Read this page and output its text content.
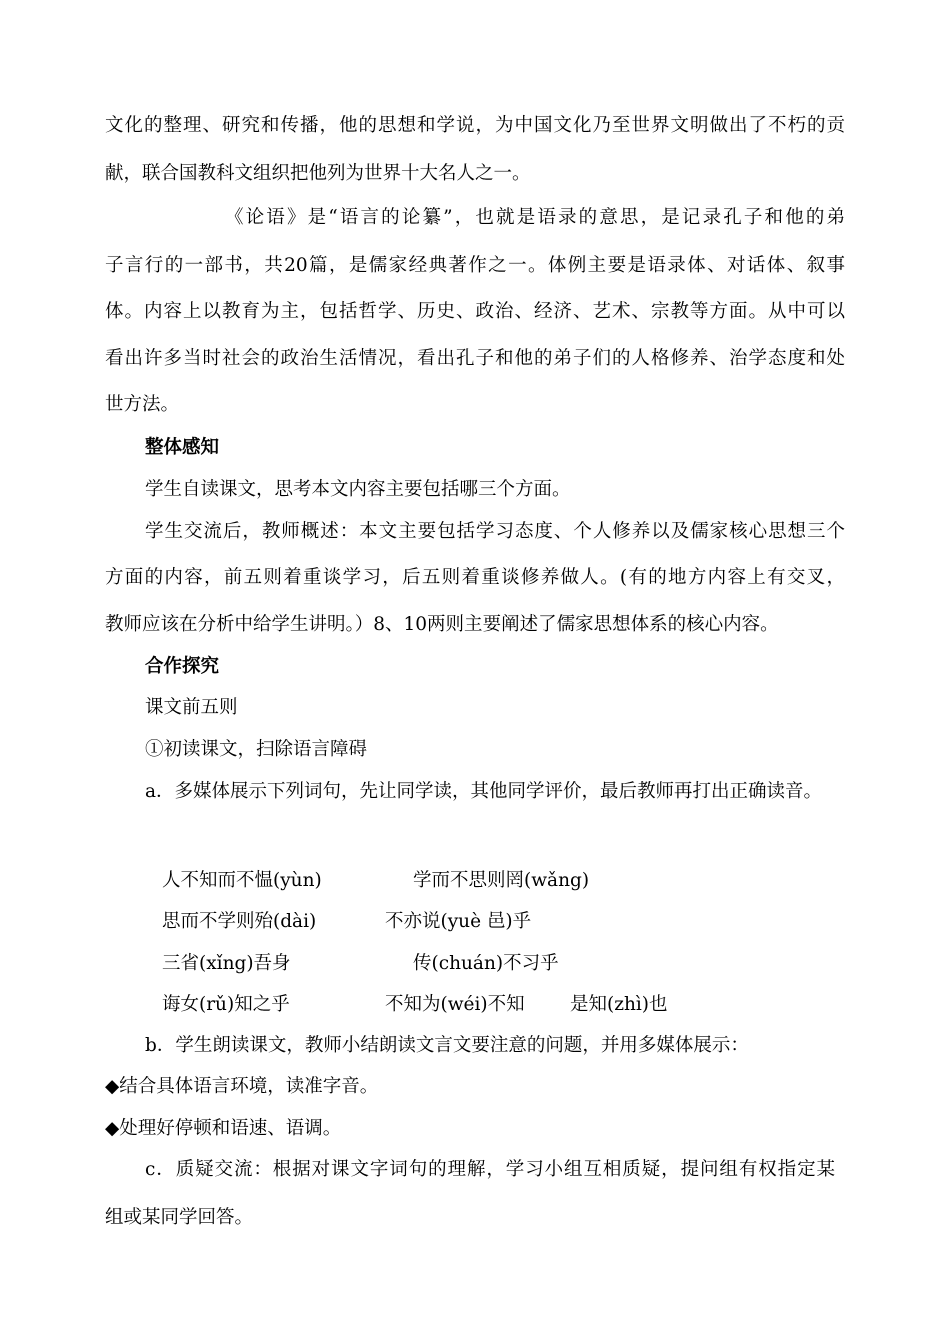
文化的整理、研究和传播，他的思想和学说，为中国文化乃至世界文明做出了不朽的贡
献，联合国教科文组织把他列为世界十大名人之一。
《论语》是“语言的论纂”，也就是语录的意思，是记录孔子和他的弟
子言行的一部书，共20篇，是儒家经典著作之一。体例主要是语录体、对话体、叙事
体。内容上以教育为主，包括哲学、历史、政治、经济、艺术、宗教等方面。从中可以
看出许多当时社会的政治生活情况，看出孔子和他的弟子们的人格修养、治学态度和处
世方法。
整体感知
学生自读课文，思考本文内容主要包括哪三个方面。
学生交流后，教师概述：本文主要包括学习态度、个人修养以及儒家核心思想三个
方面的内容，前五则着重谈学习，后五则着重谈修养做人。(有的地方内容上有交叉，
教师应该在分析中给学生讲明。）8、10两则主要阐述了儒家思想体系的核心内容。
合作探究
课文前五则
①初读课文，扫除语言障碍
a．多媒体展示下列词句，先让同学读，其他同学评价，最后教师再打出正确读音。
人不知而不愠(yùn)	学而不思则罔(wǎng)
思而不学则殆(dài)	不亦说(yuè 邑)乎
三省(xǐng)吾身	传(chuán)不习乎
诲女(rǔ)知之乎	不知为(wéi)不知 是知(zhì)也
b．学生朗读课文，教师小结朗读文言文要注意的问题，并用多媒体展示：
◆结合具体语言环境，读准字音。
◆处理好停顿和语速、语调。
c．质疑交流：根据对课文字词句的理解，学习小组互相质疑，提问组有权指定某
组或某同学回答。
